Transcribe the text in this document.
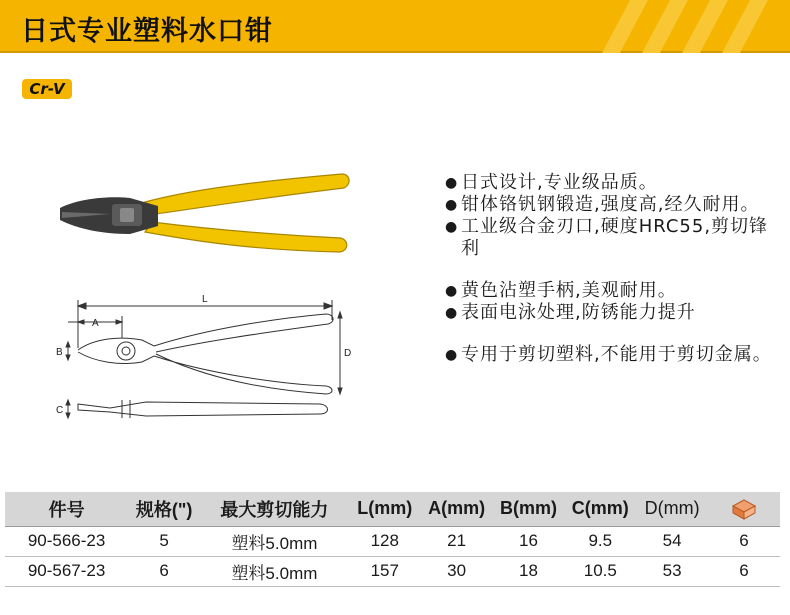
日式专业塑料水口钳
Cr-V
L
A
B
C
D
● 日式设计,专业级品质。
● 钳体铬钒钢锻造,强度高,经久耐用。
● 工业级合金刃口,硬度HRC55,剪切锋利
● 黄色沾塑手柄,美观耐用。
● 表面电泳处理,防锈能力提升
● 专用于剪切塑料,不能用于剪切金属。
件号	规格(")	最大剪切能力	L(mm)	A(mm)	B(mm)	C(mm)	D(mm)	
90-566-23	5	塑料5.0mm	128	21	16	9.5	54	6
90-567-23	6	塑料5.0mm	157	30	18	10.5	53	6
